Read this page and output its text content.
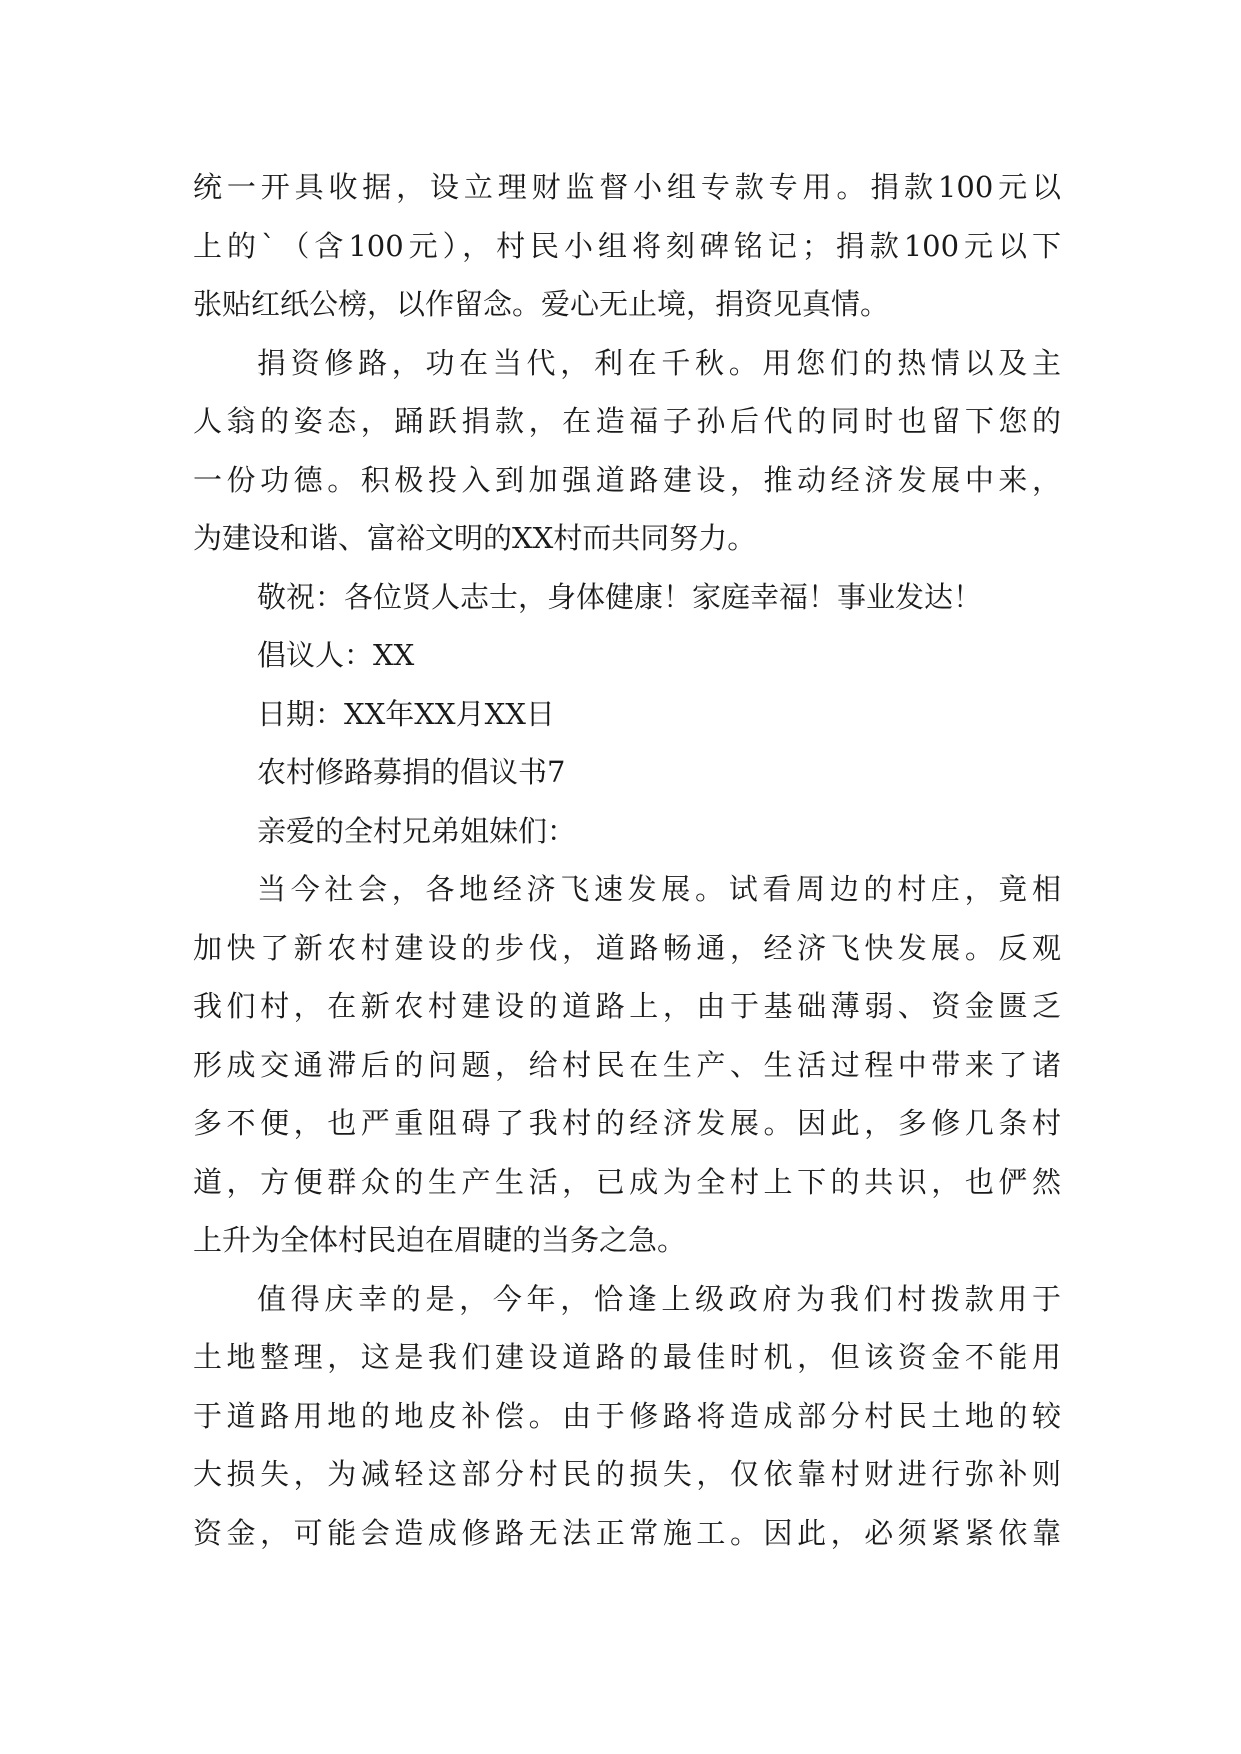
统一开具收据，设立理财监督小组专款专用。捐款100元以
上的`（含100元），村民小组将刻碑铭记；捐款100元以下
张贴红纸公榜，以作留念。爱心无止境，捐资见真情。
捐资修路，功在当代，利在千秋。用您们的热情以及主
人翁的姿态，踊跃捐款，在造福子孙后代的同时也留下您的
一份功德。积极投入到加强道路建设，推动经济发展中来，
为建设和谐、富裕文明的XX村而共同努力。
敬祝：各位贤人志士，身体健康！家庭幸福！事业发达！
倡议人：XX
日期：XX年XX月XX日
农村修路募捐的倡议书7
亲爱的全村兄弟姐妹们：
当今社会，各地经济飞速发展。试看周边的村庄，竟相
加快了新农村建设的步伐，道路畅通，经济飞快发展。反观
我们村，在新农村建设的道路上，由于基础薄弱、资金匮乏
形成交通滞后的问题，给村民在生产、生活过程中带来了诸
多不便，也严重阻碍了我村的经济发展。因此，多修几条村
道，方便群众的生产生活，已成为全村上下的共识，也俨然
上升为全体村民迫在眉睫的当务之急。
值得庆幸的是，今年，恰逢上级政府为我们村拨款用于
土地整理，这是我们建设道路的最佳时机，但该资金不能用
于道路用地的地皮补偿。由于修路将造成部分村民土地的较
大损失，为减轻这部分村民的损失，仅依靠村财进行弥补则
资金，可能会造成修路无法正常施工。因此，必须紧紧依靠
